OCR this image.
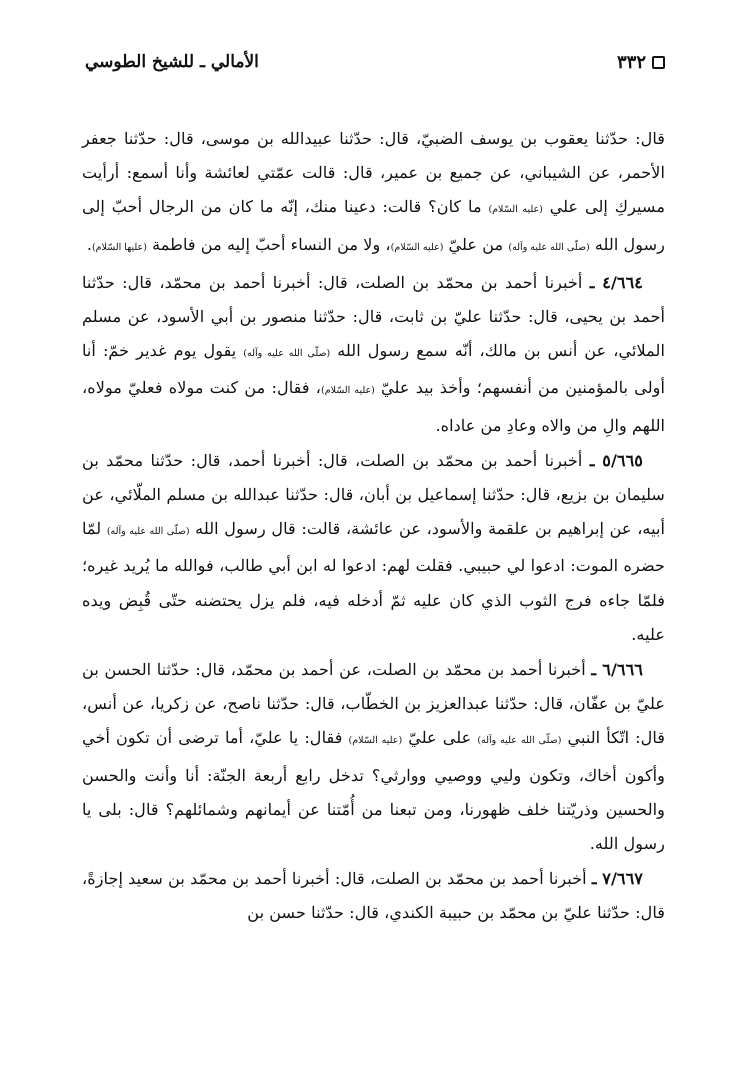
٣٣٢
الأمالي ـ للشيخ الطوسي

قال: حدّثنا يعقوب بن يوسف الضبيّ، قال: حدّثنا عبيدالله بن موسى، قال: حدّثنا جعفر الأحمر، عن الشيباني، عن جميع بن عمير، قال: قالت عمّتي لعائشة وأنا أسمع: أرأيت مسيركِ إلى علي (عليه السّلام) ما كان؟ قالت: دعينا منك، إنّه ما كان من الرجال أحبّ إلى رسول الله (صلّى الله عليه وآله) من عليّ (عليه السّلام)، ولا من النساء أحبّ إليه من فاطمة (عليها السّلام).

٤/٦٦٤ ـ أخبرنا أحمد بن محمّد بن الصلت، قال: أخبرنا أحمد بن محمّد، قال: حدّثنا أحمد بن يحيى، قال: حدّثنا عليّ بن ثابت، قال: حدّثنا منصور بن أبي الأسود، عن مسلم الملائي، عن أنس بن مالك، أنّه سمع رسول الله (صلّى الله عليه وآله) يقول يوم غدير خمّ: أنا أولى بالمؤمنين من أنفسهم؛ وأخذ بيد عليّ (عليه السّلام)، فقال: من كنت مولاه فعليّ مولاه، اللهم والِ من والاه وعادِ من عاداه.

٥/٦٦٥ ـ أخبرنا أحمد بن محمّد بن الصلت، قال: أخبرنا أحمد، قال: حدّثنا محمّد بن سليمان بن بزيع، قال: حدّثنا إسماعيل بن أبان، قال: حدّثنا عبدالله بن مسلم الملّائي، عن أبيه، عن إبراهيم بن علقمة والأسود، عن عائشة، قالت: قال رسول الله (صلّى الله عليه وآله) لمّا حضره الموت: ادعوا لي حبيبي. فقلت لهم: ادعوا له ابن أبي طالب، فوالله ما يُريد غيره؛ فلمّا جاءه فرج الثوب الذي كان عليه ثمّ أدخله فيه، فلم يزل يحتضنه حتّى قُبِض ويده عليه.

٦/٦٦٦ ـ أخبرنا أحمد بن محمّد بن الصلت، عن أحمد بن محمّد، قال: حدّثنا الحسن بن عليّ بن عفّان، قال: حدّثنا عبدالعزيز بن الخطّاب، قال: حدّثنا ناصح، عن زكريا، عن أنس، قال: اتّكأ النبي (صلّى الله عليه وآله) على عليّ (عليه السّلام) فقال: يا عليّ، أما ترضى أن تكون أخي وأكون أخاك، وتكون وليي ووصيي ووارثي؟ تدخل رابع أربعة الجنّة: أنا وأنت والحسن والحسين وذريّتنا خلف ظهورنا، ومن تبعنا من أُمّتنا عن أيمانهم وشمائلهم؟ قال: بلى يا رسول الله.

٧/٦٦٧ ـ أخبرنا أحمد بن محمّد بن الصلت، قال: أخبرنا أحمد بن محمّد بن سعيد إجازةً، قال: حدّثنا عليّ بن محمّد بن حبيبة الكندي، قال: حدّثنا حسن بن
